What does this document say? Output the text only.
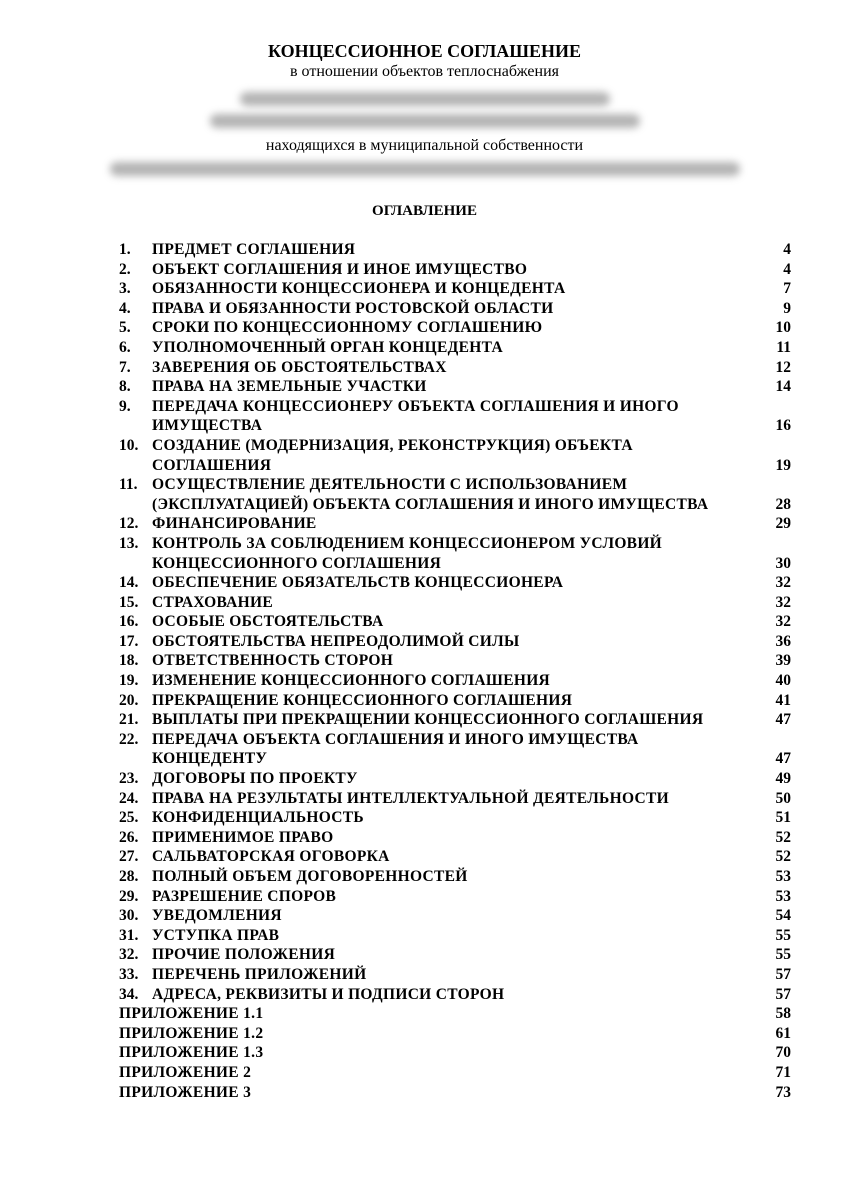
КОНЦЕССИОННОЕ СОГЛАШЕНИЕ
в отношении объектов теплоснабжения
находящихся в муниципальной собственности
ОГЛАВЛЕНИЕ
1.	ПРЕДМЕТ СОГЛАШЕНИЯ	4
2.	ОБЪЕКТ СОГЛАШЕНИЯ И ИНОЕ ИМУЩЕСТВО	4
3.	ОБЯЗАННОСТИ КОНЦЕССИОНЕРА И КОНЦЕДЕНТА	7
4.	ПРАВА И ОБЯЗАННОСТИ РОСТОВСКОЙ ОБЛАСТИ	9
5.	СРОКИ ПО КОНЦЕССИОННОМУ СОГЛАШЕНИЮ	10
6.	УПОЛНОМОЧЕННЫЙ ОРГАН КОНЦЕДЕНТА	11
7.	ЗАВЕРЕНИЯ ОБ ОБСТОЯТЕЛЬСТВАХ	12
8.	ПРАВА НА ЗЕМЕЛЬНЫЕ УЧАСТКИ	14
9.	ПЕРЕДАЧА КОНЦЕССИОНЕРУ ОБЪЕКТА СОГЛАШЕНИЯ И ИНОГО ИМУЩЕСТВА	16
10. СОЗДАНИЕ (МОДЕРНИЗАЦИЯ, РЕКОНСТРУКЦИЯ) ОБЪЕКТА СОГЛАШЕНИЯ	19
11. ОСУЩЕСТВЛЕНИЕ ДЕЯТЕЛЬНОСТИ С ИСПОЛЬЗОВАНИЕМ (ЭКСПЛУАТАЦИЕЙ) ОБЪЕКТА СОГЛАШЕНИЯ И ИНОГО ИМУЩЕСТВА	28
12. ФИНАНСИРОВАНИЕ	29
13. КОНТРОЛЬ ЗА СОБЛЮДЕНИЕМ КОНЦЕССИОНЕРОМ УСЛОВИЙ КОНЦЕССИОННОГО СОГЛАШЕНИЯ	30
14. ОБЕСПЕЧЕНИЕ ОБЯЗАТЕЛЬСТВ КОНЦЕССИОНЕРА	32
15. СТРАХОВАНИЕ	32
16. ОСОБЫЕ ОБСТОЯТЕЛЬСТВА	32
17. ОБСТОЯТЕЛЬСТВА НЕПРЕОДОЛИМОЙ СИЛЫ	36
18. ОТВЕТСТВЕННОСТЬ СТОРОН	39
19. ИЗМЕНЕНИЕ КОНЦЕССИОННОГО СОГЛАШЕНИЯ	40
20. ПРЕКРАЩЕНИЕ КОНЦЕССИОННОГО СОГЛАШЕНИЯ	41
21. ВЫПЛАТЫ ПРИ ПРЕКРАЩЕНИИ КОНЦЕССИОННОГО СОГЛАШЕНИЯ	47
22. ПЕРЕДАЧА ОБЪЕКТА СОГЛАШЕНИЯ И ИНОГО ИМУЩЕСТВА КОНЦЕДЕНТУ	47
23. ДОГОВОРЫ ПО ПРОЕКТУ	49
24. ПРАВА НА РЕЗУЛЬТАТЫ ИНТЕЛЛЕКТУАЛЬНОЙ ДЕЯТЕЛЬНОСТИ	50
25. КОНФИДЕНЦИАЛЬНОСТЬ	51
26. ПРИМЕНИМОЕ ПРАВО	52
27. САЛЬВАТОРСКАЯ ОГОВОРКА	52
28. ПОЛНЫЙ ОБЪЕМ ДОГОВОРЕННОСТЕЙ	53
29. РАЗРЕШЕНИЕ СПОРОВ	53
30. УВЕДОМЛЕНИЯ	54
31. УСТУПКА ПРАВ	55
32. ПРОЧИЕ ПОЛОЖЕНИЯ	55
33. ПЕРЕЧЕНЬ ПРИЛОЖЕНИЙ	57
34. АДРЕСА, РЕКВИЗИТЫ И ПОДПИСИ СТОРОН	57
ПРИЛОЖЕНИЕ 1.1	58
ПРИЛОЖЕНИЕ 1.2	61
ПРИЛОЖЕНИЕ 1.3	70
ПРИЛОЖЕНИЕ 2	71
ПРИЛОЖЕНИЕ 3	73
